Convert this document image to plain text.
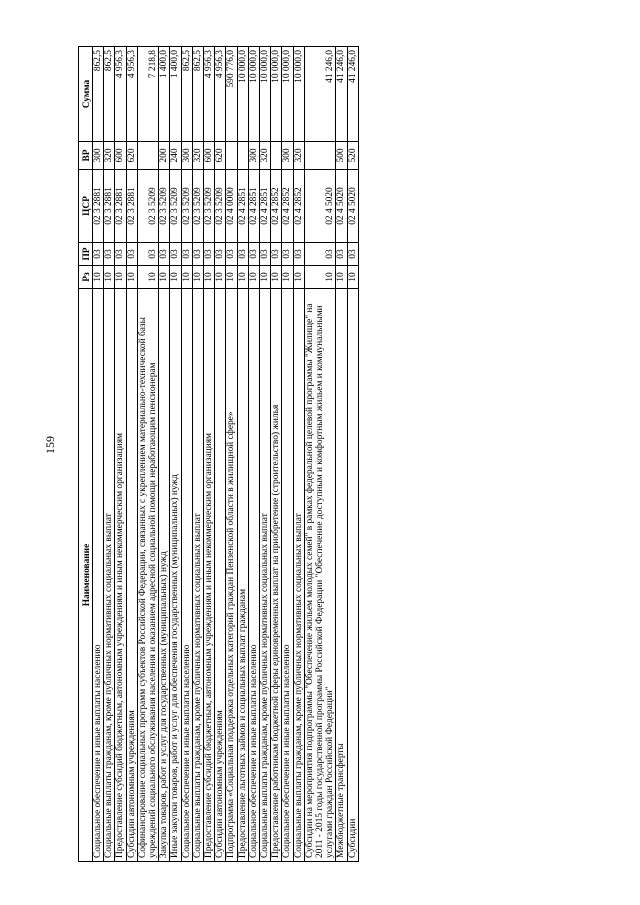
159
Наименование	Рз	ПР	ЦСР	ВР	Сумма
Социальное обеспечение и иные выплаты населению	10	03	02 3 2881	300	862,5
Социальные выплаты гражданам, кроме публичных нормативных социальных выплат	10	03	02 3 2881	320	862,5
Предоставление субсидий бюджетным, автономным учреждениям и иным некоммерческим организациям	10	03	02 3 2881	600	4 956,3
Субсидии автономным учреждениям	10	03	02 3 2881	620	4 956,3
Софинансирование социальных программ субъектов Российской Федерации, связанных с укреплением материально-технической базы учреждений социального обслуживания населения и оказанием адресной социальной помощи неработающим пенсионерам	10	03	02 3 5209		7 218,8
Закупка товаров, работ и услуг для государственных (муниципальных) нужд	10	03	02 3 5209	200	1 400,0
Иные закупки товаров, работ и услуг для обеспечения государственных (муниципальных) нужд	10	03	02 3 5209	240	1 400,0
Социальное обеспечение и иные выплаты населению	10	03	02 3 5209	300	862,5
Социальные выплаты гражданам, кроме публичных нормативных социальных выплат	10	03	02 3 5209	320	862,5
Предоставление субсидий бюджетным, автономным учреждениям и иным некоммерческим организациям	10	03	02 3 5209	600	4 956,3
Субсидии автономным учреждениям	10	03	02 3 5209	620	4 956,3
Подпрограмма «Социальная поддержка отдельных категорий граждан Пензенской области в жилищной сфере»	10	03	02 4 0000		590 776,0
Предоставление льготных займов и социальных выплат гражданам	10	03	02 4 2851		10 000,0
Социальное обеспечение и иные выплаты населению	10	03	02 4 2851	300	10 000,0
Социальные выплаты гражданам, кроме публичных нормативных социальных выплат	10	03	02 4 2851	320	10 000,0
Предоставление работникам бюджетной сферы единовременных выплат на приобретение (строительство) жилья	10	03	02 4 2852		10 000,0
Социальное обеспечение и иные выплаты населению	10	03	02 4 2852	300	10 000,0
Социальные выплаты гражданам, кроме публичных нормативных социальных выплат	10	03	02 4 2852	320	10 000,0
Субсидии на мероприятия подпрограммы "Обеспечение жильем молодых семей" в рамках федеральной целевой программы "Жилище" на 2011 - 2015 годы государственной программы Российской Федерации "Обеспечение доступным и комфортным жильем и коммунальными услугами граждан Российской Федерации"	10	03	02 4 5020		41 246,0
Межбюджетные трансферты	10	03	02 4 5020	500	41 246,0
Субсидии	10	03	02 4 5020	520	41 246,0
